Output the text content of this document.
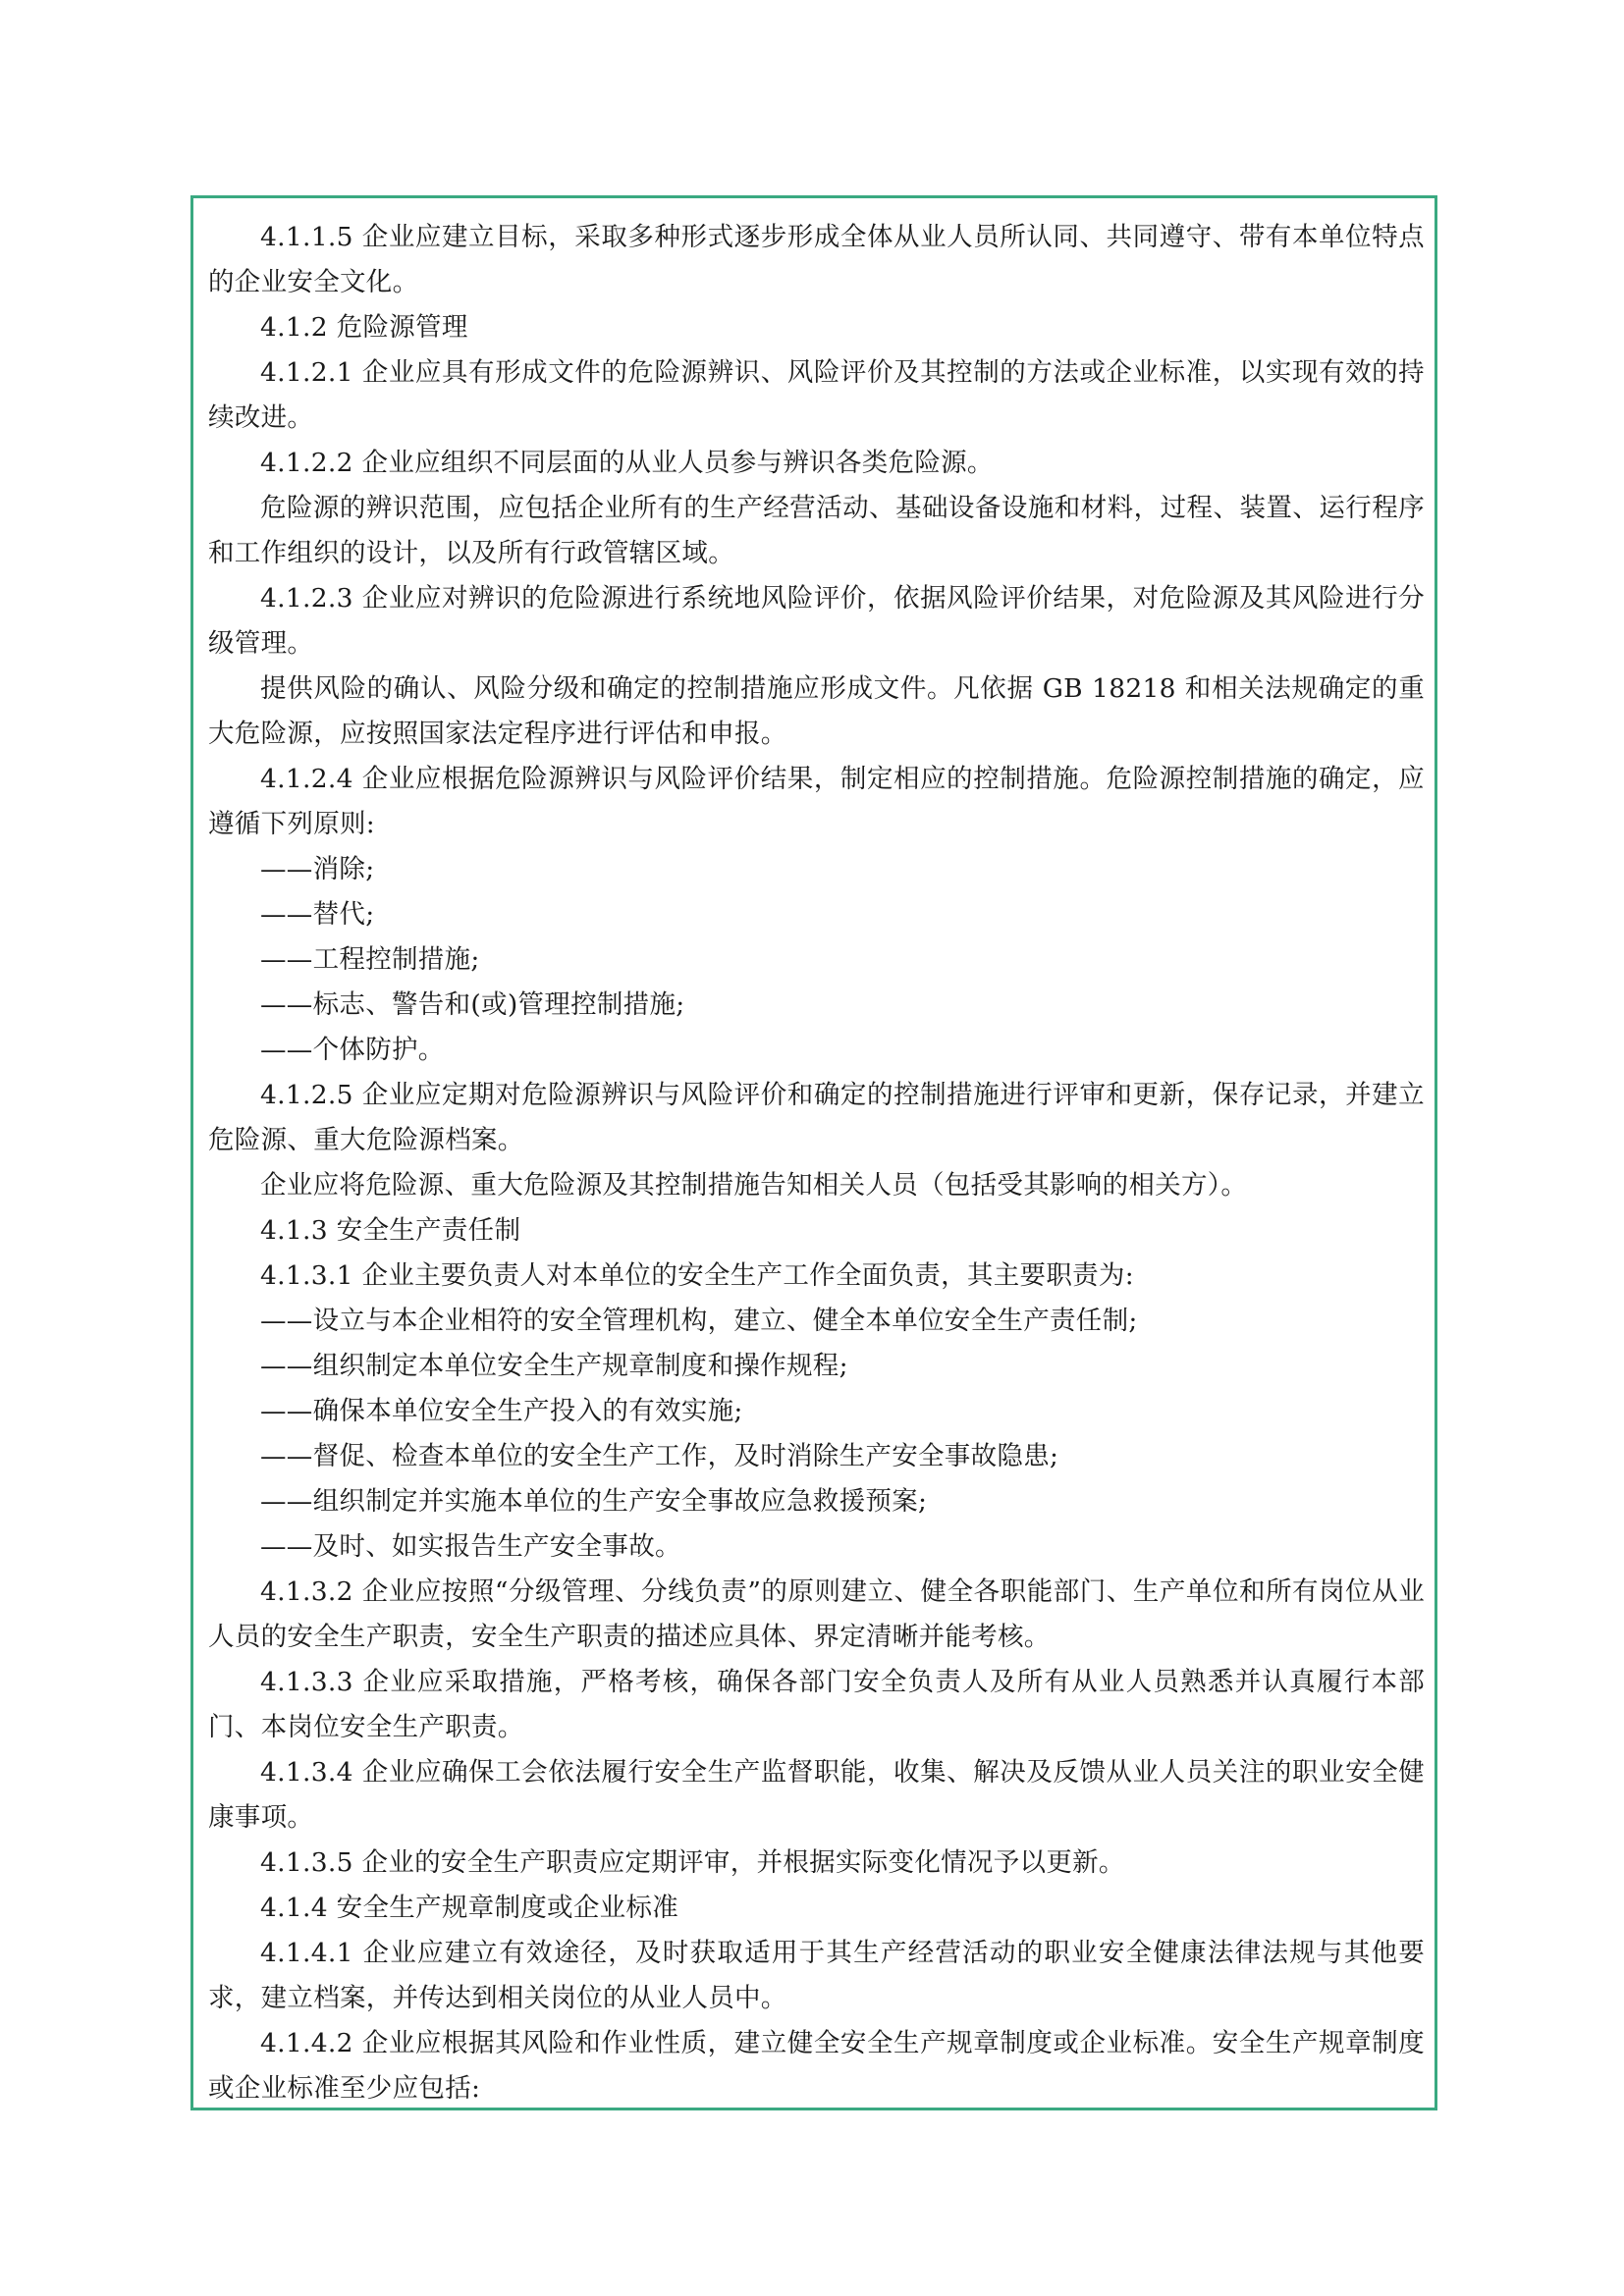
4.1.1.5 企业应建立目标，采取多种形式逐步形成全体从业人员所认同、共同遵守、带有本单位特点的企业安全文化。

4.1.2 危险源管理

4.1.2.1 企业应具有形成文件的危险源辨识、风险评价及其控制的方法或企业标准，以实现有效的持续改进。

4.1.2.2 企业应组织不同层面的从业人员参与辨识各类危险源。

危险源的辨识范围，应包括企业所有的生产经营活动、基础设备设施和材料，过程、装置、运行程序和工作组织的设计，以及所有行政管辖区域。

4.1.2.3 企业应对辨识的危险源进行系统地风险评价，依据风险评价结果，对危险源及其风险进行分级管理。

提供风险的确认、风险分级和确定的控制措施应形成文件。凡依据 GB 18218 和相关法规确定的重大危险源，应按照国家法定程序进行评估和申报。

4.1.2.4 企业应根据危险源辨识与风险评价结果，制定相应的控制措施。危险源控制措施的确定，应遵循下列原则:

——消除;

——替代;

——工程控制措施;

——标志、警告和(或)管理控制措施;

——个体防护。

4.1.2.5 企业应定期对危险源辨识与风险评价和确定的控制措施进行评审和更新，保存记录，并建立危险源、重大危险源档案。

企业应将危险源、重大危险源及其控制措施告知相关人员（包括受其影响的相关方）。

4.1.3 安全生产责任制

4.1.3.1 企业主要负责人对本单位的安全生产工作全面负责，其主要职责为:

——设立与本企业相符的安全管理机构，建立、健全本单位安全生产责任制;

——组织制定本单位安全生产规章制度和操作规程;

——确保本单位安全生产投入的有效实施;

——督促、检查本单位的安全生产工作，及时消除生产安全事故隐患;

——组织制定并实施本单位的生产安全事故应急救援预案;

——及时、如实报告生产安全事故。

4.1.3.2 企业应按照“分级管理、分线负责”的原则建立、健全各职能部门、生产单位和所有岗位从业人员的安全生产职责，安全生产职责的描述应具体、界定清晰并能考核。

4.1.3.3 企业应采取措施，严格考核，确保各部门安全负责人及所有从业人员熟悉并认真履行本部门、本岗位安全生产职责。

4.1.3.4 企业应确保工会依法履行安全生产监督职能，收集、解决及反馈从业人员关注的职业安全健康事项。

4.1.3.5 企业的安全生产职责应定期评审，并根据实际变化情况予以更新。

4.1.4 安全生产规章制度或企业标准

4.1.4.1 企业应建立有效途径，及时获取适用于其生产经营活动的职业安全健康法律法规与其他要求，建立档案，并传达到相关岗位的从业人员中。

4.1.4.2 企业应根据其风险和作业性质，建立健全安全生产规章制度或企业标准。安全生产规章制度或企业标准至少应包括:
